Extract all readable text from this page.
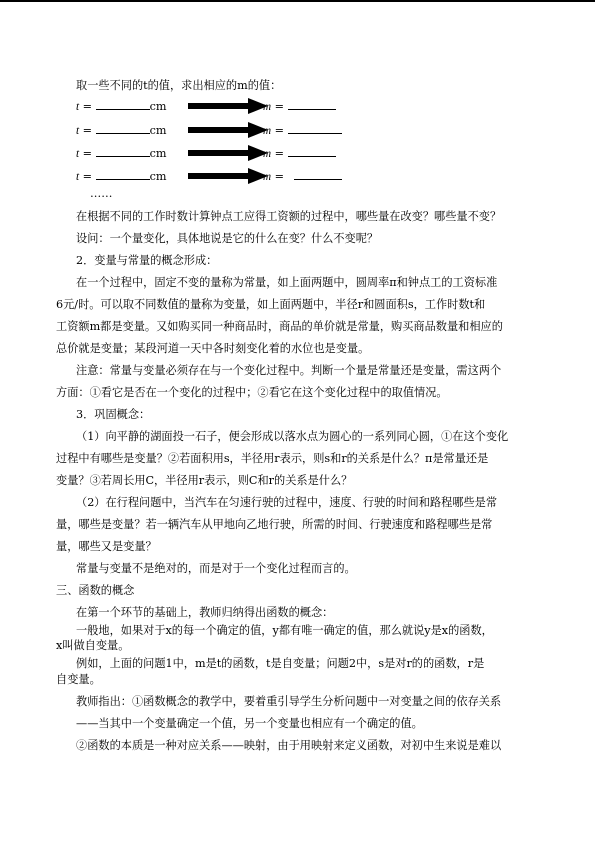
取一些不同的t的值，求出相应的m的值：
t =	cm	m =
t =	cm	m =
t =	cm	m =
t =	cm	m =
……
在根据不同的工作时数计算钟点工应得工资额的过程中，哪些量在改变？哪些量不变？
设问：一个量变化，具体地说是它的什么在变？什么不变呢？
2．变量与常量的概念形成：
在一个过程中，固定不变的量称为常量，如上面两题中，圆周率π和钟点工的工资标准
6元/时。可以取不同数值的量称为变量，如上面两题中，半径r和圆面积s，工作时数t和
工资额m都是变量。又如购买同一种商品时，商品的单价就是常量，购买商品数量和相应的
总价就是变量；某段河道一天中各时刻变化着的水位也是变量。
注意：常量与变量必须存在与一个变化过程中。判断一个量是常量还是变量，需这两个
方面：①看它是否在一个变化的过程中；②看它在这个变化过程中的取值情况。
3．巩固概念：
（1）向平静的湖面投一石子，便会形成以落水点为圆心的一系列同心圆，①在这个变化
过程中有哪些是变量？②若面积用s，半径用r表示，则s和r的关系是什么？π是常量还是
变量？③若周长用C，半径用r表示，则C和r的关系是什么？
（2）在行程问题中，当汽车在匀速行驶的过程中，速度、行驶的时间和路程哪些是常
量，哪些是变量？若一辆汽车从甲地向乙地行驶，所需的时间、行驶速度和路程哪些是常
量，哪些又是变量？
常量与变量不是绝对的，而是对于一个变化过程而言的。
三、函数的概念
在第一个环节的基础上，教师归纳得出函数的概念：
一般地，如果对于x的每一个确定的值，y都有唯一确定的值，那么就说y是x的函数，
x叫做自变量。
例如，上面的问题1中，m是t的函数，t是自变量；问题2中，s是对r的的函数，r是
自变量。
教师指出：①函数概念的教学中，要着重引导学生分析问题中一对变量之间的依存关系
——当其中一个变量确定一个值，另一个变量也相应有一个确定的值。
②函数的本质是一种对应关系——映射，由于用映射来定义函数，对初中生来说是难以
